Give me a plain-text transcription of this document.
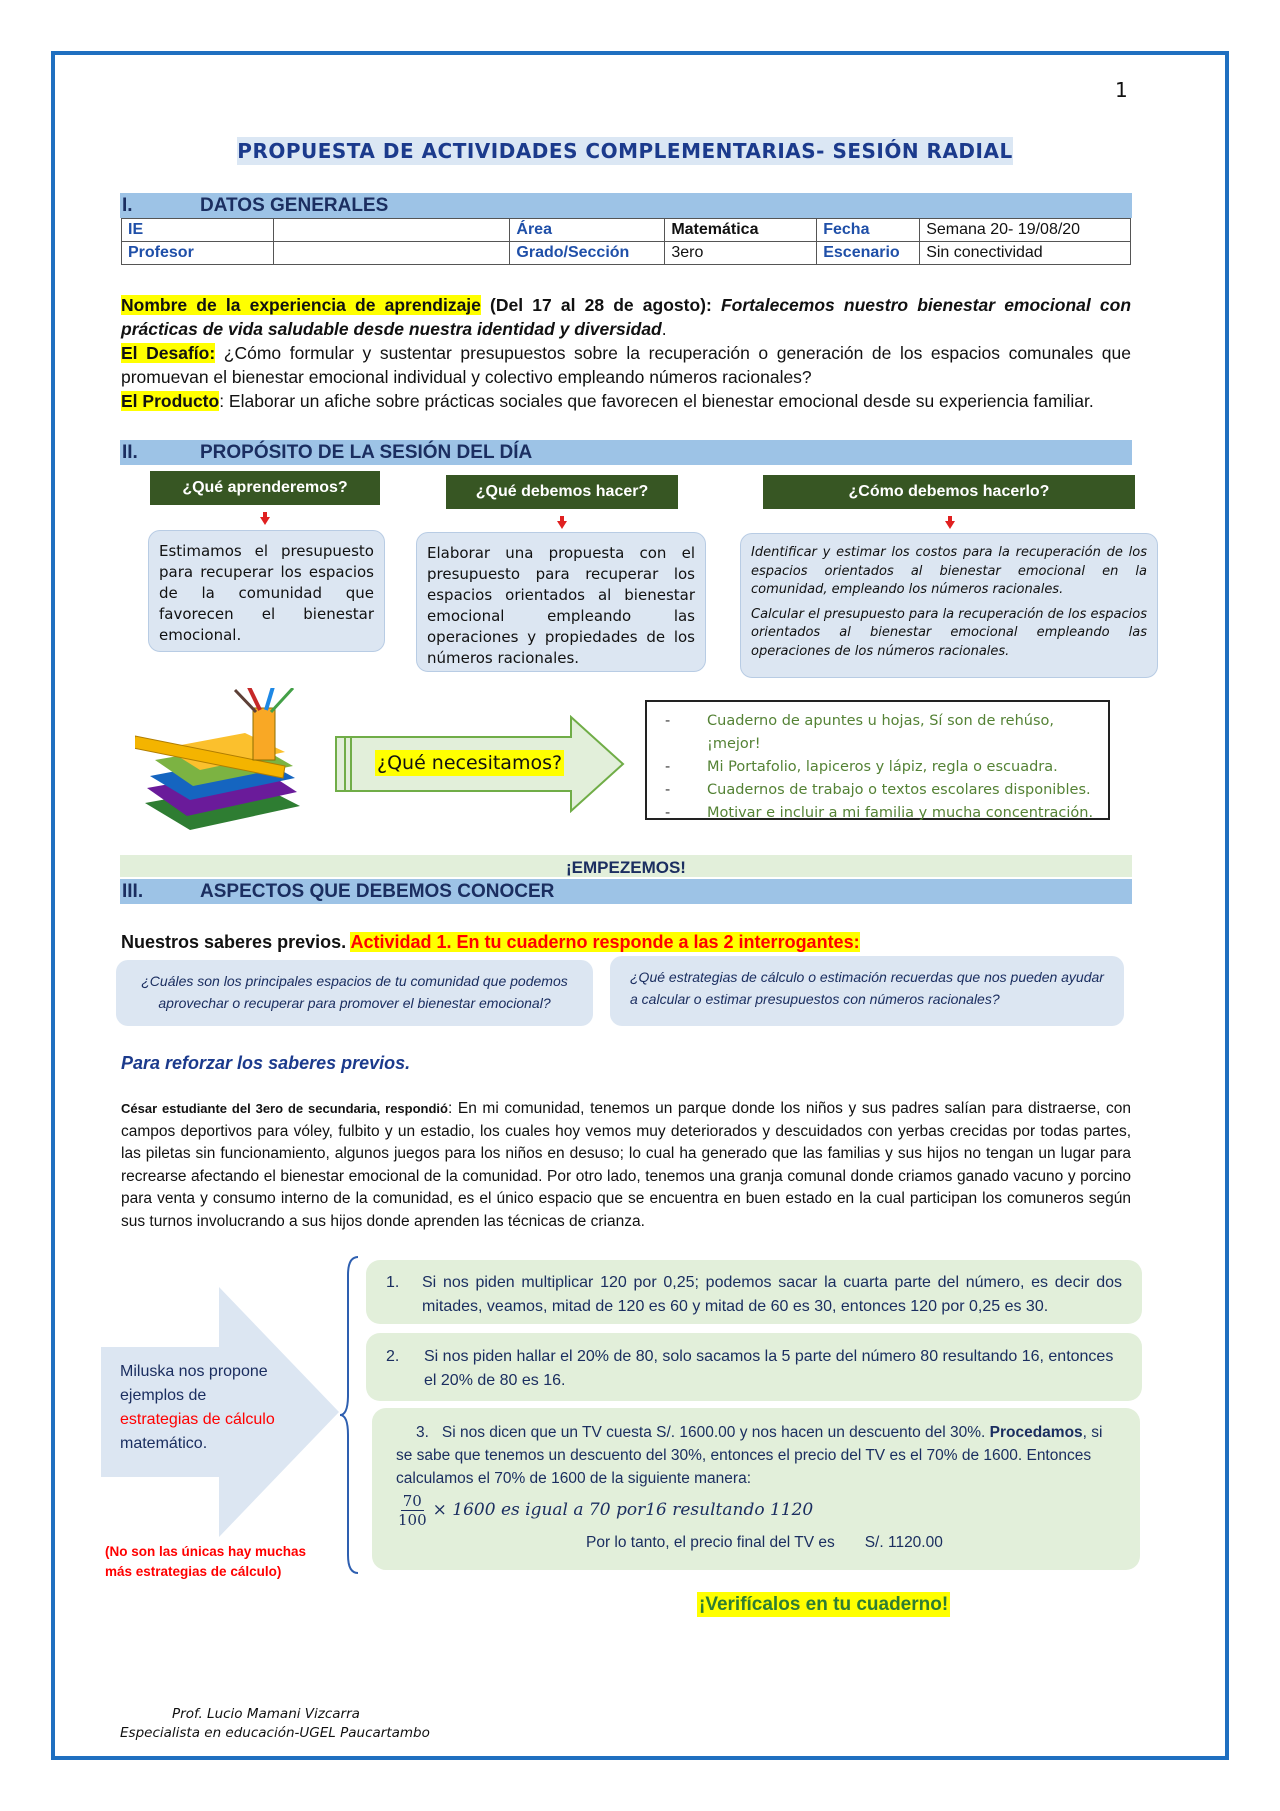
1
PROPUESTA DE ACTIVIDADES COMPLEMENTARIAS- SESIÓN RADIAL
I.	DATOS GENERALES
IE		Área	Matemática	Fecha	Semana 20- 19/08/20
Profesor		Grado/Sección	3ero	Escenario	Sin conectividad
Nombre de la experiencia de aprendizaje (Del 17 al 28 de agosto): Fortalecemos nuestro bienestar emocional con prácticas de vida saludable desde nuestra identidad y diversidad.
El Desafío: ¿Cómo formular y sustentar presupuestos sobre la recuperación o generación de los espacios comunales que promuevan el bienestar emocional individual y colectivo empleando números racionales?
El Producto: Elaborar un afiche sobre prácticas sociales que favorecen el bienestar emocional desde su experiencia familiar.
II.	PROPÓSITO DE LA SESIÓN DEL DÍA
¿Qué aprenderemos?

Estimamos el presupuesto para recuperar los espacios de la comunidad que favorecen el bienestar emocional.

¿Qué debemos hacer?

Elaborar una propuesta con el presupuesto para recuperar los espacios orientados al bienestar emocional empleando las operaciones y propiedades de los números racionales.

¿Cómo debemos hacerlo?

Identificar y estimar los costos para la recuperación de los espacios orientados al bienestar emocional en la comunidad, empleando los números racionales.

Calcular el presupuesto para la recuperación de los espacios orientados al bienestar emocional empleando las operaciones de los números racionales.

¿Qué necesitamos?
-	Cuaderno de apuntes u hojas, Sí son de rehúso, ¡mejor!
-	Mi Portafolio, lapiceros y lápiz, regla o escuadra.
-	Cuadernos de trabajo o textos escolares disponibles.
-	Motivar e incluir a mi familia y mucha concentración.
¡EMPEZEMOS!
III.	ASPECTOS QUE DEBEMOS CONOCER
Nuestros saberes previos. Actividad 1. En tu cuaderno responde a las 2 interrogantes:
¿Cuáles son los principales espacios de tu comunidad que podemos aprovechar o recuperar para promover el bienestar emocional?
¿Qué estrategias de cálculo o estimación recuerdas que nos pueden ayudar a calcular o estimar presupuestos con números racionales?
Para reforzar los saberes previos.
César estudiante del 3ero de secundaria, respondió: En mi comunidad, tenemos un parque donde los niños y sus padres salían para distraerse, con campos deportivos para vóley, fulbito y un estadio, los cuales hoy vemos muy deteriorados y descuidados con yerbas crecidas por todas partes, las piletas sin funcionamiento, algunos juegos para los niños en desuso; lo cual ha generado que las familias y sus hijos no tengan un lugar para recrearse afectando el bienestar emocional de la comunidad. Por otro lado, tenemos una granja comunal donde criamos ganado vacuno y porcino para venta y consumo interno de la comunidad, es el único espacio que se encuentra en buen estado en la cual participan los comuneros según sus turnos involucrando a sus hijos donde aprenden las técnicas de crianza.
Miluska nos propone ejemplos de estrategias de cálculo matemático.
(No son las únicas hay muchas más estrategias de cálculo)
1.	Si nos piden multiplicar 120 por 0,25; podemos sacar la cuarta parte del número, es decir dos mitades, veamos, mitad de 120 es 60 y mitad de 60 es 30, entonces 120 por 0,25 es 30.
2.	Si nos piden hallar el 20% de 80, solo sacamos la 5 parte del número 80 resultando 16, entonces el 20% de 80 es 16.
3. Si nos dicen que un TV cuesta S/. 1600.00 y nos hacen un descuento del 30%. Procedamos, si se sabe que tenemos un descuento del 30%, entonces el precio del TV es el 70% de 1600. Entonces calculamos el 70% de 1600 de la siguiente manera:
$\frac{70}{100} \times 1600$ es igual a 70 por16 resultando 1120
Por lo tanto, el precio final del TV es S/. 1120.00
¡Verifícalos en tu cuaderno!
Prof. Lucio Mamani Vizcarra
Especialista en educación-UGEL Paucartambo
